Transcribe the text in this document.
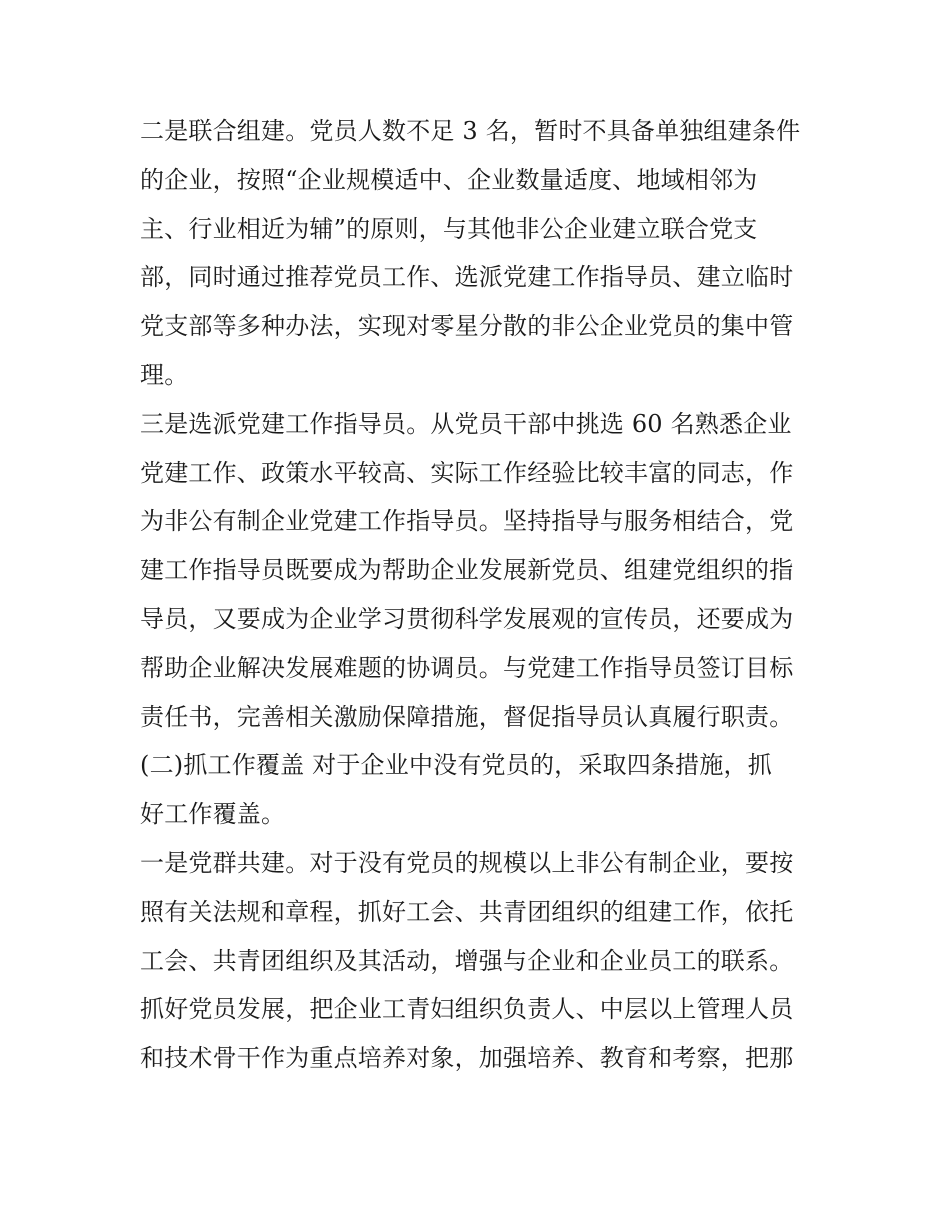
二是联合组建。党员人数不足 3 名，暂时不具备单独组建条件
的企业，按照“企业规模适中、企业数量适度、地域相邻为
主、行业相近为辅”的原则，与其他非公企业建立联合党支
部，同时通过推荐党员工作、选派党建工作指导员、建立临时
党支部等多种办法，实现对零星分散的非公企业党员的集中管
理。
三是选派党建工作指导员。从党员干部中挑选 60 名熟悉企业
党建工作、政策水平较高、实际工作经验比较丰富的同志，作
为非公有制企业党建工作指导员。坚持指导与服务相结合，党
建工作指导员既要成为帮助企业发展新党员、组建党组织的指
导员，又要成为企业学习贯彻科学发展观的宣传员，还要成为
帮助企业解决发展难题的协调员。与党建工作指导员签订目标
责任书，完善相关激励保障措施，督促指导员认真履行职责。
(二)抓工作覆盖 对于企业中没有党员的，采取四条措施，抓
好工作覆盖。
一是党群共建。对于没有党员的规模以上非公有制企业，要按
照有关法规和章程，抓好工会、共青团组织的组建工作，依托
工会、共青团组织及其活动，增强与企业和企业员工的联系。
抓好党员发展，把企业工青妇组织负责人、中层以上管理人员
和技术骨干作为重点培养对象，加强培养、教育和考察，把那
